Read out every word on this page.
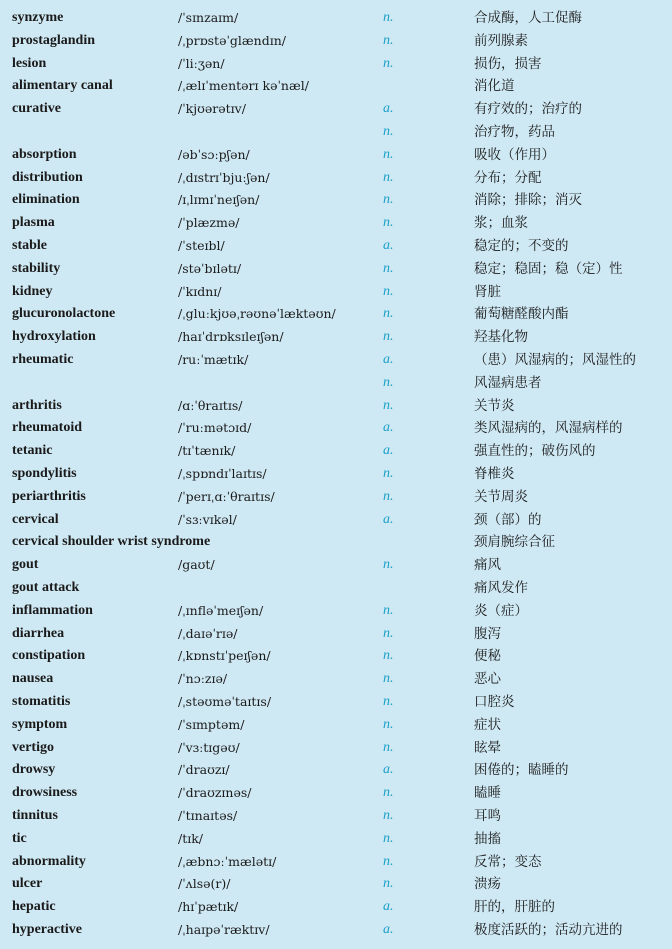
synzyme	/ˈsɪnzaɪm/	n.	合成酶，人工促酶
prostaglandin	/ˌprɒstəˈglændɪn/	n.	前列腺素
lesion	/ˈliːʒən/	n.	损伤，损害
alimentary canal	/ˌælɪˈmentərɪ kəˈnæl/	消化道
curative	/ˈkjʊərətɪv/	a.	有疗效的；治疗的
n.	治疗物，药品
absorption	/əbˈsɔːpʃən/	n.	吸收（作用）
distribution	/ˌdɪstrɪˈbjuːʃən/	n.	分布；分配
elimination	/ɪˌlɪmɪˈneɪʃən/	n.	消除；排除；消灭
plasma	/ˈplæzmə/	n.	浆；血浆
stable	/ˈsteɪbl/	a.	稳定的；不变的
stability	/stəˈbɪlətɪ/	n.	稳定；稳固；稳（定）性
kidney	/ˈkɪdnɪ/	n.	肾脏
glucuronolactone	/ˌgluːkjʊəˌrəʊnəˈlæktəʊn/	n.	葡萄糖醛酸内酯
hydroxylation	/haɪˈdrɒksɪleɪʃən/	n.	羟基化物
rheumatic	/ruːˈmætɪk/	a.	（患）风湿病的；风湿性的
n.	风湿病患者
arthritis	/ɑːˈθraɪtɪs/	n.	关节炎
rheumatoid	/ˈruːmətɔɪd/	a.	类风湿病的，风湿病样的
tetanic	/tɪˈtænɪk/	a.	强直性的；破伤风的
spondylitis	/ˌspɒndɪˈlaɪtɪs/	n.	脊椎炎
periarthritis	/ˈperɪˌɑːˈθraɪtɪs/	n.	关节周炎
cervical	/ˈsɜːvɪkəl/	a.	颈（部）的
cervical shoulder wrist syndrome	颈肩腕综合征
gout	/gaʊt/	n.	痛风
gout attack	痛风发作
inflammation	/ˌɪnfləˈmeɪʃən/	n.	炎（症）
diarrhea	/ˌdaɪəˈrɪə/	n.	腹泻
constipation	/ˌkɒnstɪˈpeɪʃən/	n.	便秘
nausea	/ˈnɔːzɪə/	n.	恶心
stomatitis	/ˌstəʊməˈtaɪtɪs/	n.	口腔炎
symptom	/ˈsɪmptəm/	n.	症状
vertigo	/ˈvɜːtɪgəʊ/	n.	眩晕
drowsy	/ˈdraʊzɪ/	a.	困倦的；瞌睡的
drowsiness	/ˈdraʊzɪnəs/	n.	瞌睡
tinnitus	/ˈtɪnaɪtəs/	n.	耳鸣
tic	/tɪk/	n.	抽搐
abnormality	/ˌæbnɔːˈmælətɪ/	n.	反常；变态
ulcer	/ˈʌlsə(r)/	n.	溃疡
hepatic	/hɪˈpætɪk/	a.	肝的，肝脏的
hyperactive	/ˌhaɪpəˈræktɪv/	a.	极度活跃的；活动亢进的
